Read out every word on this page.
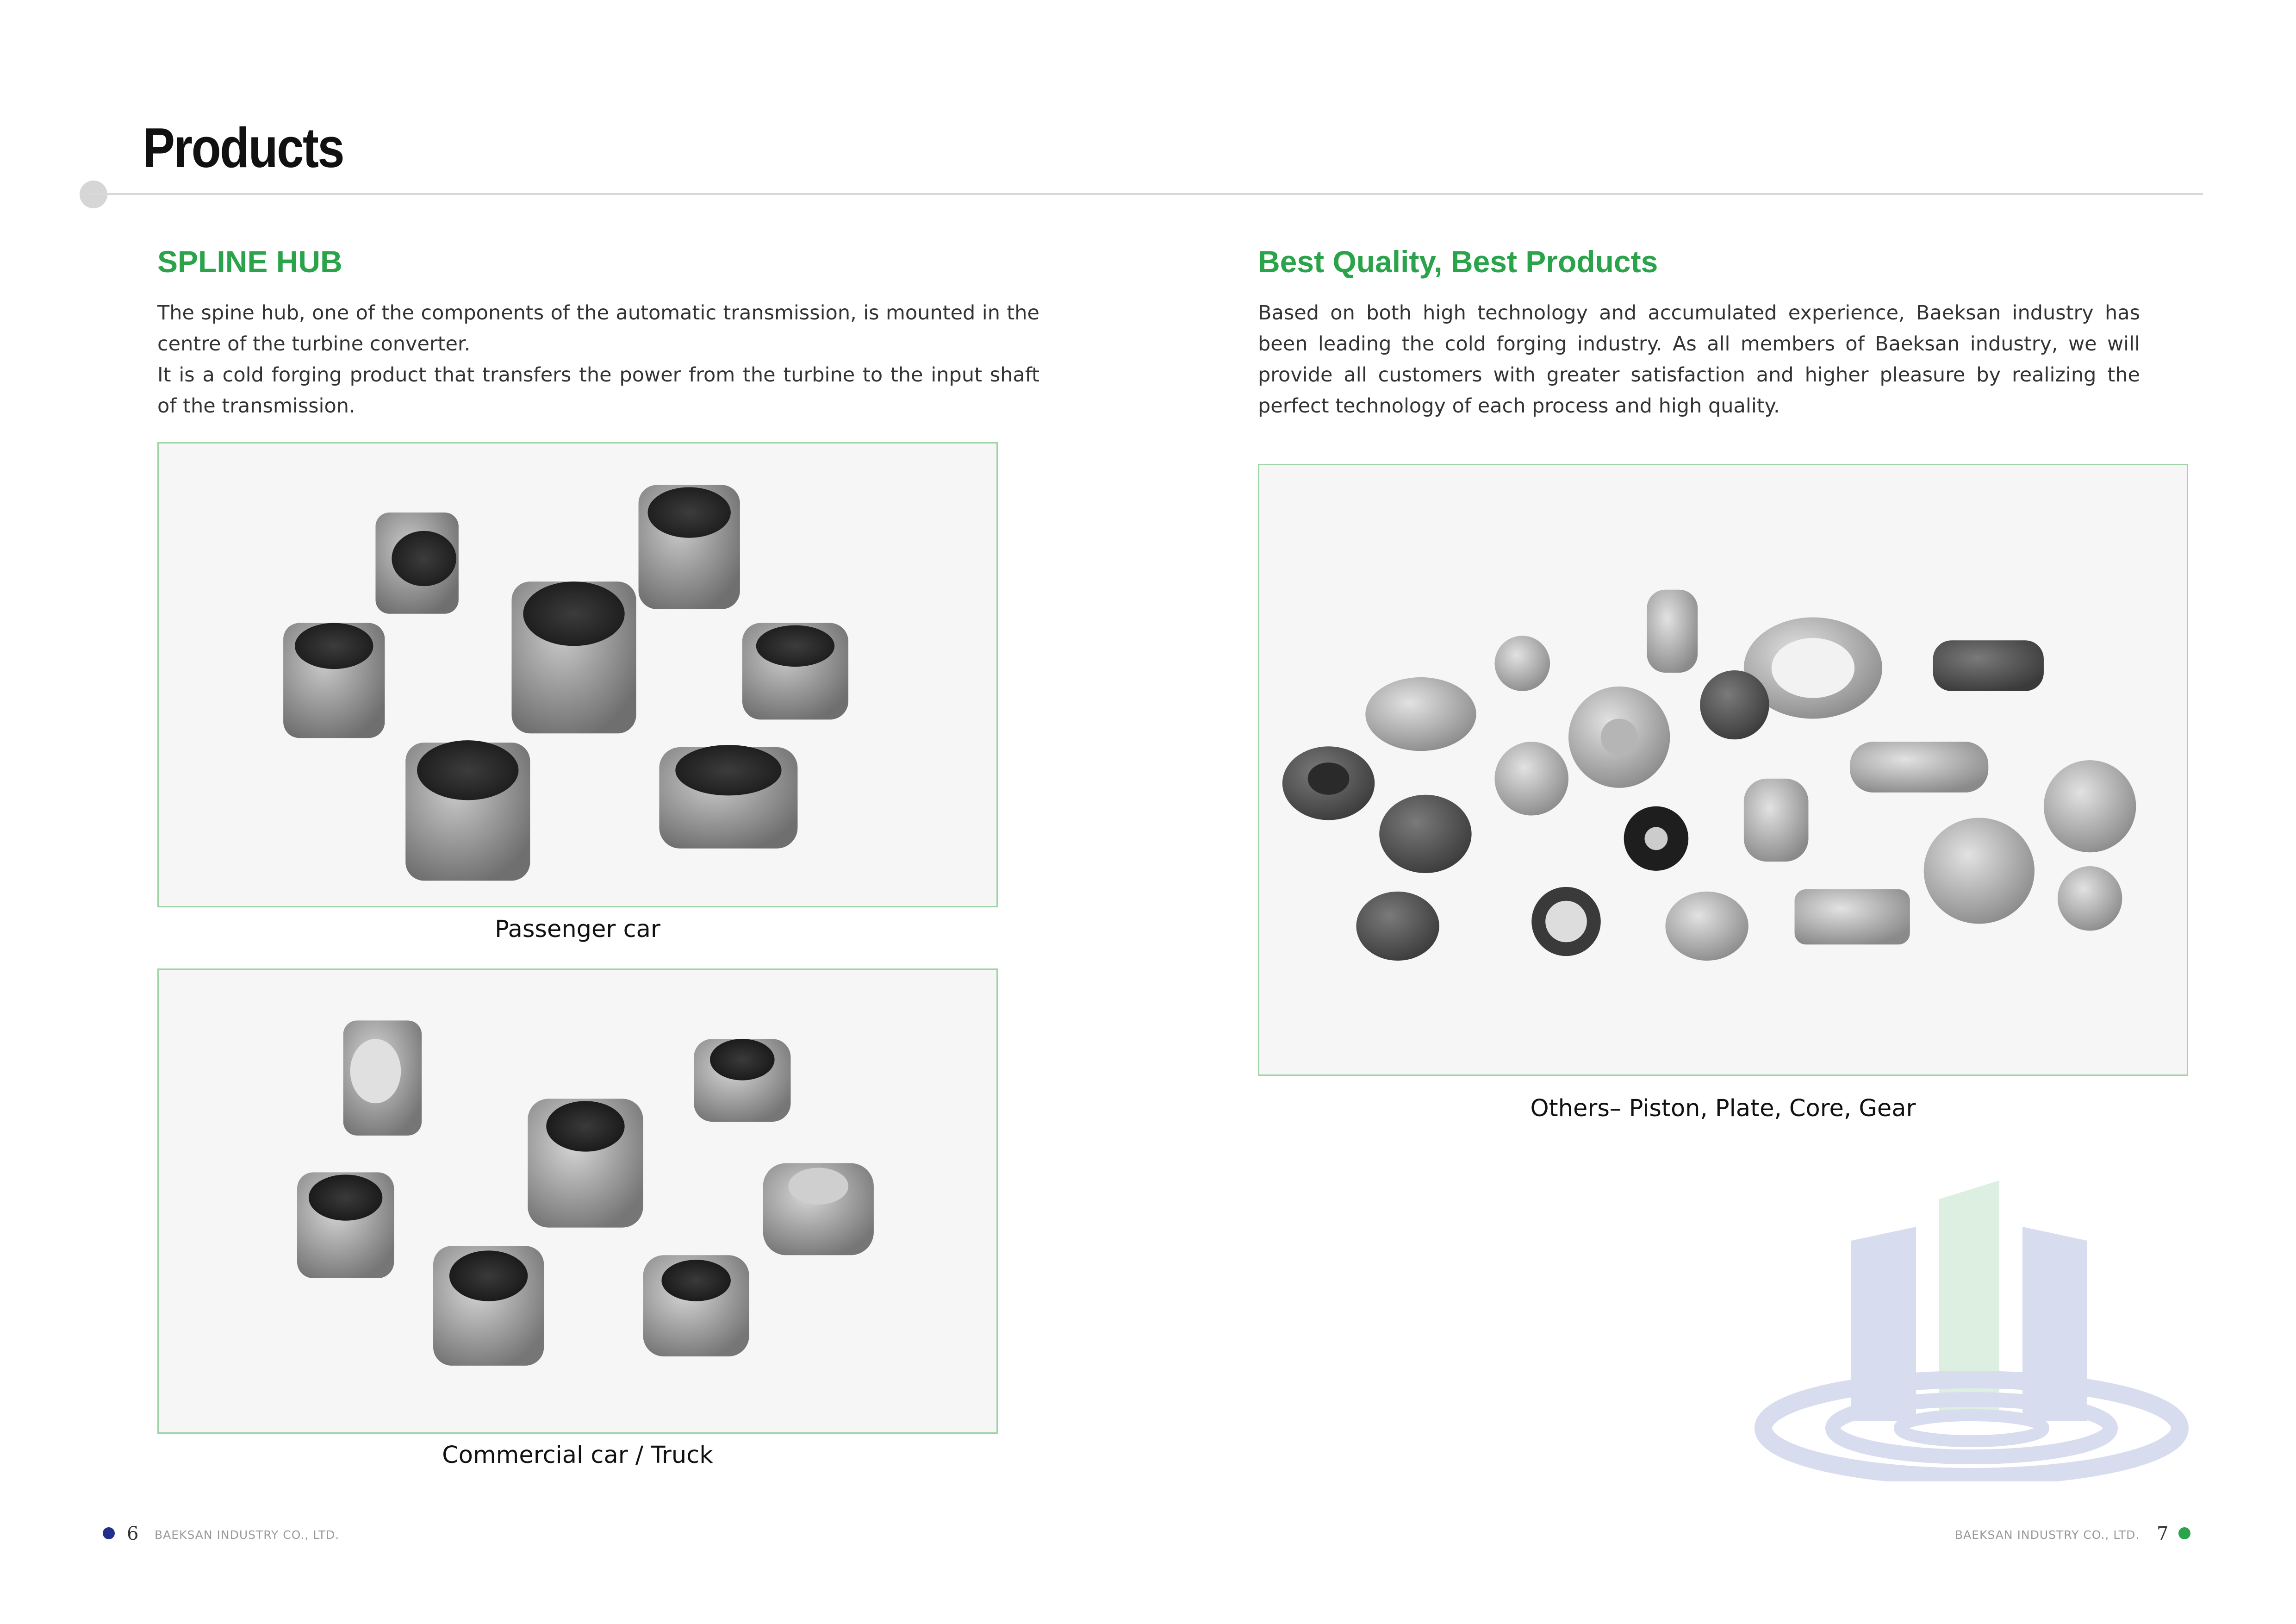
Products
SPLINE HUB

The spine hub, one of the components of the automatic transmission, is mounted in the centre of the turbine converter.
It is a cold forging product that transfers the power from the turbine to the input shaft of the transmission.

Passenger car

Commercial car / Truck

Best Quality, Best Products

Based on both high technology and accumulated experience, Baeksan industry has been leading the cold forging industry. As all members of Baeksan industry, we will provide all customers with greater satisfaction and higher pleasure by realizing the perfect technology of each process and high quality.

Others– Piston, Plate, Core, Gear

6 BAEKSAN INDUSTRY CO., LTD.	BAEKSAN INDUSTRY CO., LTD. 7
